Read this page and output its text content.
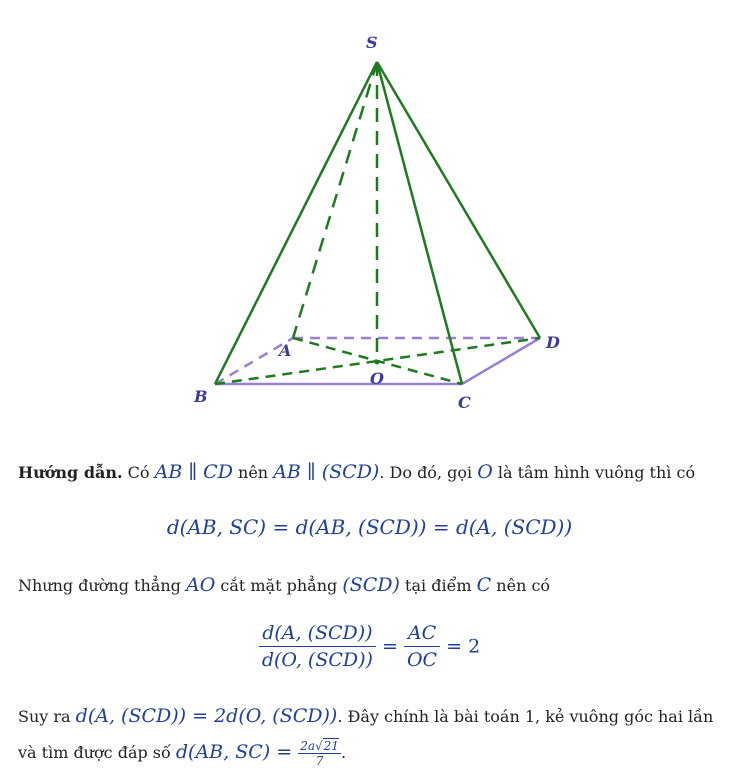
S
A
B	C
D
O

Hướng dẫn. Có AB ∥ CD nên AB ∥ (SCD). Do đó, gọi O là tâm hình vuông thì có

d(AB, SC) = d(AB, (SCD)) = d(A, (SCD))

Nhưng đường thẳng AO cắt mặt phẳng (SCD) tại điểm C nên có

$\frac{\text{d(A, (SCD))}}{\text{d(O, (SCD))}} = \frac{AC}{OC} = 2$

Suy ra d(A, (SCD)) = 2d(O, (SCD)). Đây chính là bài toán 1, kẻ vuông góc hai lần

và tìm được đáp số d(AB, $SC) = \frac{2a√21}{7}$ .
